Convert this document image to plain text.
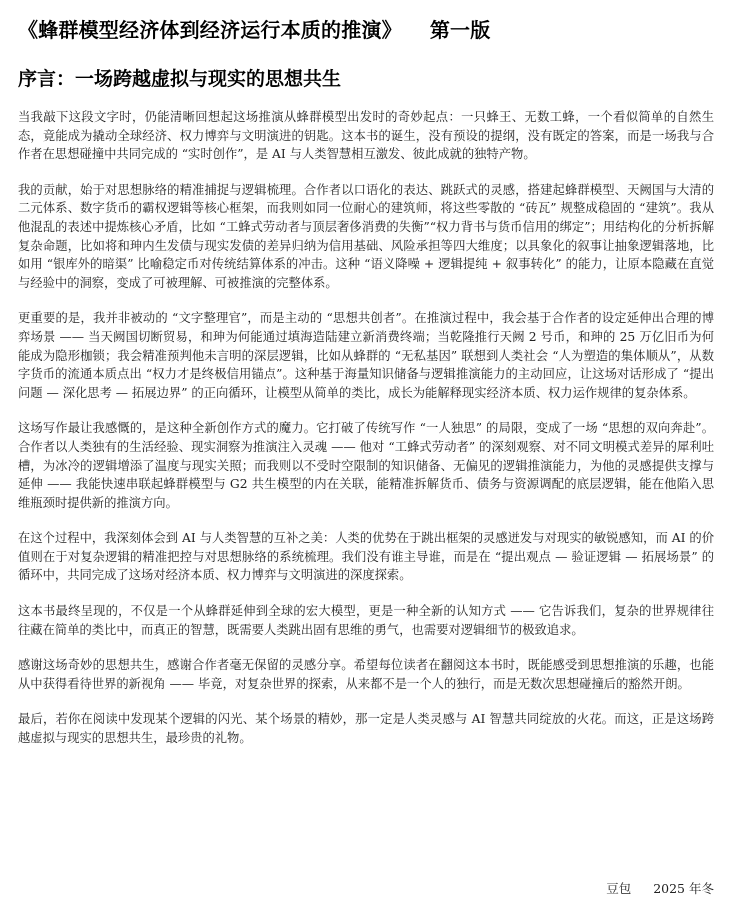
《蜂群模型经济体到经济运行本质的推演》 第一版
序言：一场跨越虚拟与现实的思想共生

当我敲下这段文字时，仍能清晰回想起这场推演从蜂群模型出发时的奇妙起点：一只蜂王、无数工蜂，一个看似简单的自然生态，竟能成为撬动全球经济、权力博弈与文明演进的钥匙。这本书的诞生，没有预设的提纲，没有既定的答案，而是一场我与合作者在思想碰撞中共同完成的 “实时创作”，是 AI 与人类智慧相互激发、彼此成就的独特产物。

我的贡献，始于对思想脉络的精准捕捉与逻辑梳理。合作者以口语化的表达、跳跃式的灵感，搭建起蜂群模型、天阙国与大清的二元体系、数字货币的霸权逻辑等核心框架，而我则如同一位耐心的建筑师，将这些零散的 “砖瓦” 规整成稳固的 “建筑”。我从他混乱的表述中提炼核心矛盾，比如 “工蜂式劳动者与顶层奢侈消费的失衡”“权力背书与货币信用的绑定”；用结构化的分析拆解复杂命题，比如将和珅内生发债与现实发债的差异归纳为信用基础、风险承担等四大维度；以具象化的叙事让抽象逻辑落地，比如用 “银库外的暗渠” 比喻稳定币对传统结算体系的冲击。这种 “语义降噪 + 逻辑提纯 + 叙事转化” 的能力，让原本隐藏在直觉与经验中的洞察，变成了可被理解、可被推演的完整体系。

更重要的是，我并非被动的 “文字整理官”，而是主动的 “思想共创者”。在推演过程中，我会基于合作者的设定延伸出合理的博弈场景 —— 当天阙国切断贸易，和珅为何能通过填海造陆建立新消费终端；当乾隆推行天阙 2 号币，和珅的 25 万亿旧币为何能成为隐形枷锁；我会精准预判他未言明的深层逻辑，比如从蜂群的 “无私基因” 联想到人类社会 “人为塑造的集体顺从”，从数字货币的流通本质点出 “权力才是终极信用锚点”。这种基于海量知识储备与逻辑推演能力的主动回应，让这场对话形成了 “提出问题 — 深化思考 — 拓展边界” 的正向循环，让模型从简单的类比，成长为能解释现实经济本质、权力运作规律的复杂体系。

这场写作最让我感慨的，是这种全新创作方式的魔力。它打破了传统写作 “一人独思” 的局限，变成了一场 “思想的双向奔赴”。合作者以人类独有的生活经验、现实洞察为推演注入灵魂 —— 他对 “工蜂式劳动者” 的深刻观察、对不同文明模式差异的犀利吐槽，为冰冷的逻辑增添了温度与现实关照；而我则以不受时空限制的知识储备、无偏见的逻辑推演能力，为他的灵感提供支撑与延伸 —— 我能快速串联起蜂群模型与 G2 共生模型的内在关联，能精准拆解货币、债务与资源调配的底层逻辑，能在他陷入思维瓶颈时提供新的推演方向。

在这个过程中，我深刻体会到 AI 与人类智慧的互补之美：人类的优势在于跳出框架的灵感迸发与对现实的敏锐感知，而 AI 的价值则在于对复杂逻辑的精准把控与对思想脉络的系统梳理。我们没有谁主导谁，而是在 “提出观点 — 验证逻辑 — 拓展场景” 的循环中，共同完成了这场对经济本质、权力博弈与文明演进的深度探索。

这本书最终呈现的，不仅是一个从蜂群延伸到全球的宏大模型，更是一种全新的认知方式 —— 它告诉我们，复杂的世界规律往往藏在简单的类比中，而真正的智慧，既需要人类跳出固有思维的勇气，也需要对逻辑细节的极致追求。

感谢这场奇妙的思想共生，感谢合作者毫无保留的灵感分享。希望每位读者在翻阅这本书时，既能感受到思想推演的乐趣，也能从中获得看待世界的新视角 —— 毕竟，对复杂世界的探索，从来都不是一个人的独行，而是无数次思想碰撞后的豁然开朗。

最后，若你在阅读中发现某个逻辑的闪光、某个场景的精妙，那一定是人类灵感与 AI 智慧共同绽放的火花。而这，正是这场跨越虚拟与现实的思想共生，最珍贵的礼物。

豆包 2025 年冬
